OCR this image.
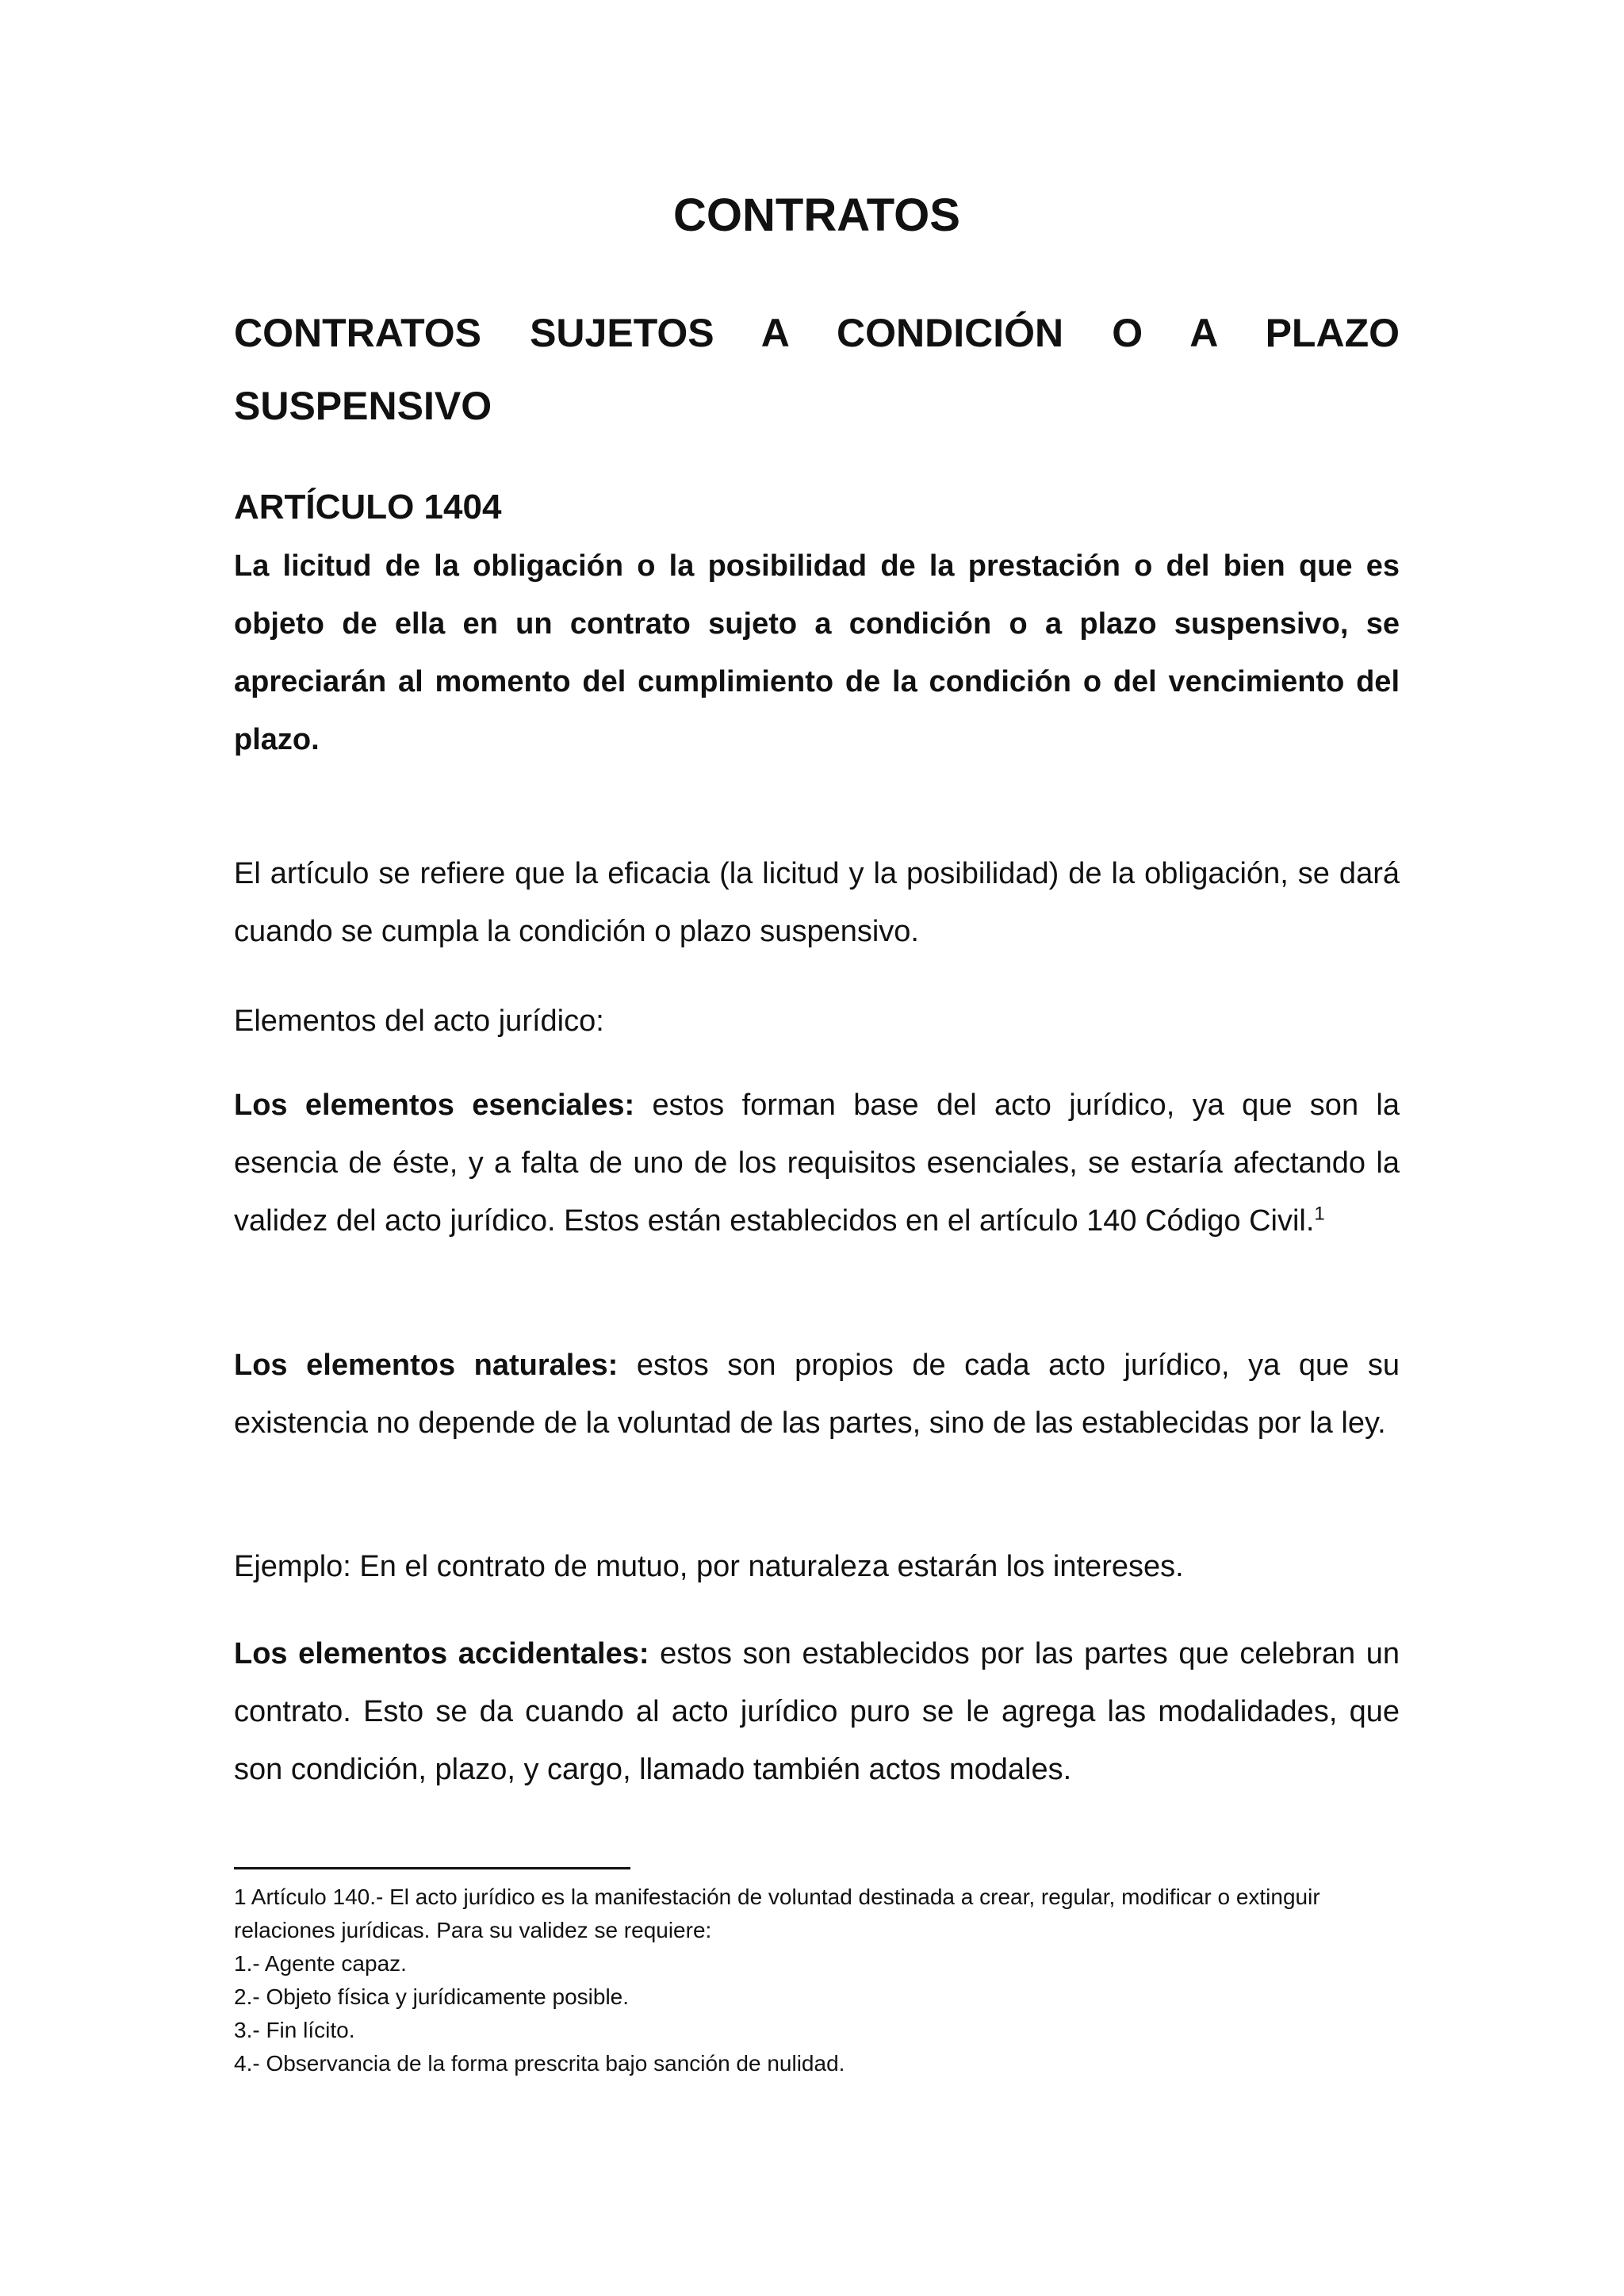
CONTRATOS
CONTRATOS SUJETOS A CONDICIÓN O A PLAZO SUSPENSIVO
ARTÍCULO 1404

La licitud de la obligación o la posibilidad de la prestación o del bien que es objeto de ella en un contrato sujeto a condición o a plazo suspensivo, se apreciarán al momento del cumplimiento de la condición o del vencimiento del plazo.

El artículo se refiere que la eficacia (la licitud y la posibilidad) de la obligación, se dará cuando se cumpla la condición o plazo suspensivo.

Elementos del acto jurídico:

Los elementos esenciales: estos forman base del acto jurídico, ya que son la esencia de éste, y a falta de uno de los requisitos esenciales, se estaría afectando la validez del acto jurídico. Estos están establecidos en el artículo 140 Código Civil.$^1$

Los elementos naturales: estos son propios de cada acto jurídico, ya que su existencia no depende de la voluntad de las partes, sino de las establecidas por la ley.

Ejemplo: En el contrato de mutuo, por naturaleza estarán los intereses.

Los elementos accidentales: estos son establecidos por las partes que celebran un contrato. Esto se da cuando al acto jurídico puro se le agrega las modalidades, que son condición, plazo, y cargo, llamado también actos modales.

1 Artículo 140.- El acto jurídico es la manifestación de voluntad destinada a crear, regular, modificar o extinguir relaciones jurídicas. Para su validez se requiere:
1.- Agente capaz.
2.- Objeto física y jurídicamente posible.
3.- Fin lícito.
4.- Observancia de la forma prescrita bajo sanción de nulidad.
